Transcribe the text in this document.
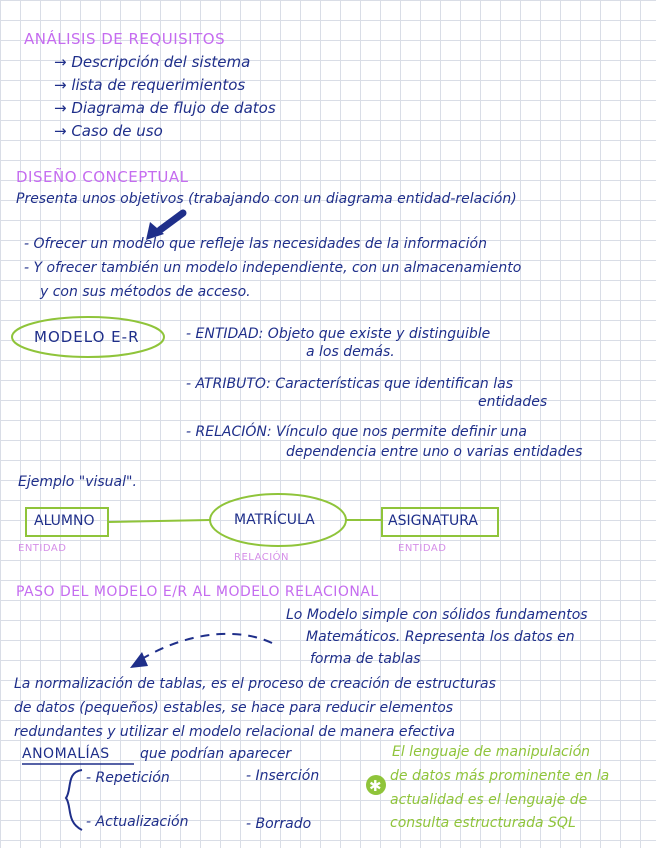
✱
ANÁLISIS DE REQUISITOS
→ Descripción del sistema
→ lista de requerimientos
→ Diagrama de flujo de datos
→ Caso de uso
DISEÑO CONCEPTUAL
Presenta unos objetivos (trabajando con un diagrama entidad-relación)
- Ofrecer un modelo que refleje las necesidades de la información
- Y ofrecer también un modelo independiente, con un almacenamiento
y con sus métodos de acceso.
MODELO E-R	- ENTIDAD: Objeto que existe y distinguible
a los demás.
- ATRIBUTO: Características que identifican las
entidades
- RELACIÓN: Vínculo que nos permite definir una
dependencia entre uno o varias entidades
Ejemplo "visual".
ALUMNO	MATRÍCULA	ASIGNATURA
ENTIDAD
RELACIÓN
ENTIDAD
PASO DEL MODELO E/R AL MODELO RELACIONAL
Lo Modelo simple con sólidos fundamentos
Matemáticos. Representa los datos en
forma de tablas
La normalización de tablas, es el proceso de creación de estructuras
de datos (pequeños) estables, se hace para reducir elementos
redundantes y utilizar el modelo relacional de manera efectiva
ANOMALÍAS que podrían aparecer
- Repetición	- Inserción
- Actualización	- Borrado
El lenguaje de manipulación
de datos más prominente en la
actualidad es el lenguaje de
consulta estructurada SQL
